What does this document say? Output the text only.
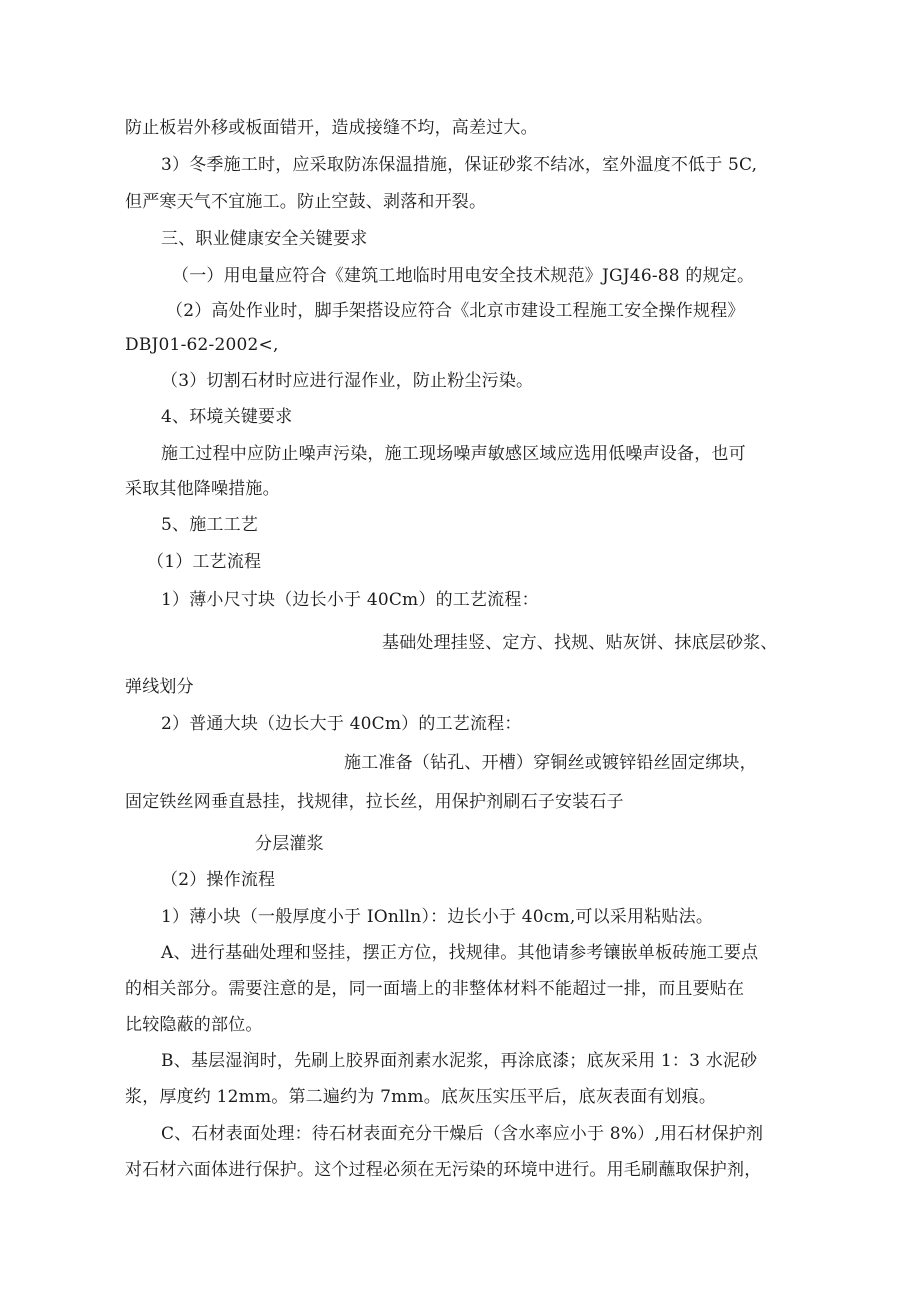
防止板岩外移或板面错开，造成接缝不均，高差过大。
3）冬季施工时，应采取防冻保温措施，保证砂浆不结冰，室外温度不低于 5C,
但严寒天气不宜施工。防止空鼓、剥落和开裂。
三、职业健康安全关键要求
（一）用电量应符合《建筑工地临时用电安全技术规范》JGJ46-88 的规定。
（2）高处作业时，脚手架搭设应符合《北京市建设工程施工安全操作规程》
DBJ01-62-2002<,
（3）切割石材时应进行湿作业，防止粉尘污染。
4、环境关键要求
施工过程中应防止噪声污染，施工现场噪声敏感区域应选用低噪声设备，也可
采取其他降噪措施。
5、施工工艺
（1）工艺流程
1）薄小尺寸块（边长小于 40Cm）的工艺流程：
基础处理挂竖、定方、找规、贴灰饼、抹底层砂浆、
弹线划分
2）普通大块（边长大于 40Cm）的工艺流程：
施工准备（钻孔、开槽）穿铜丝或镀锌铅丝固定绑块，
固定铁丝网垂直悬挂，找规律，拉长丝，用保护剂刷石子安装石子
分层灌浆
（2）操作流程
1）薄小块（一般厚度小于 IOnlln）：边长小于 40cm,可以采用粘贴法。
A、进行基础处理和竖挂，摆正方位，找规律。其他请参考镶嵌单板砖施工要点
的相关部分。需要注意的是，同一面墙上的非整体材料不能超过一排，而且要贴在
比较隐蔽的部位。
B、基层湿润时，先刷上胶界面剂素水泥浆，再涂底漆；底灰采用 1：3 水泥砂
浆，厚度约 12mm。第二遍约为 7mm。底灰压实压平后，底灰表面有划痕。
C、石材表面处理：待石材表面充分干燥后（含水率应小于 8%）,用石材保护剂
对石材六面体进行保护。这个过程必须在无污染的环境中进行。用毛刷蘸取保护剂，
